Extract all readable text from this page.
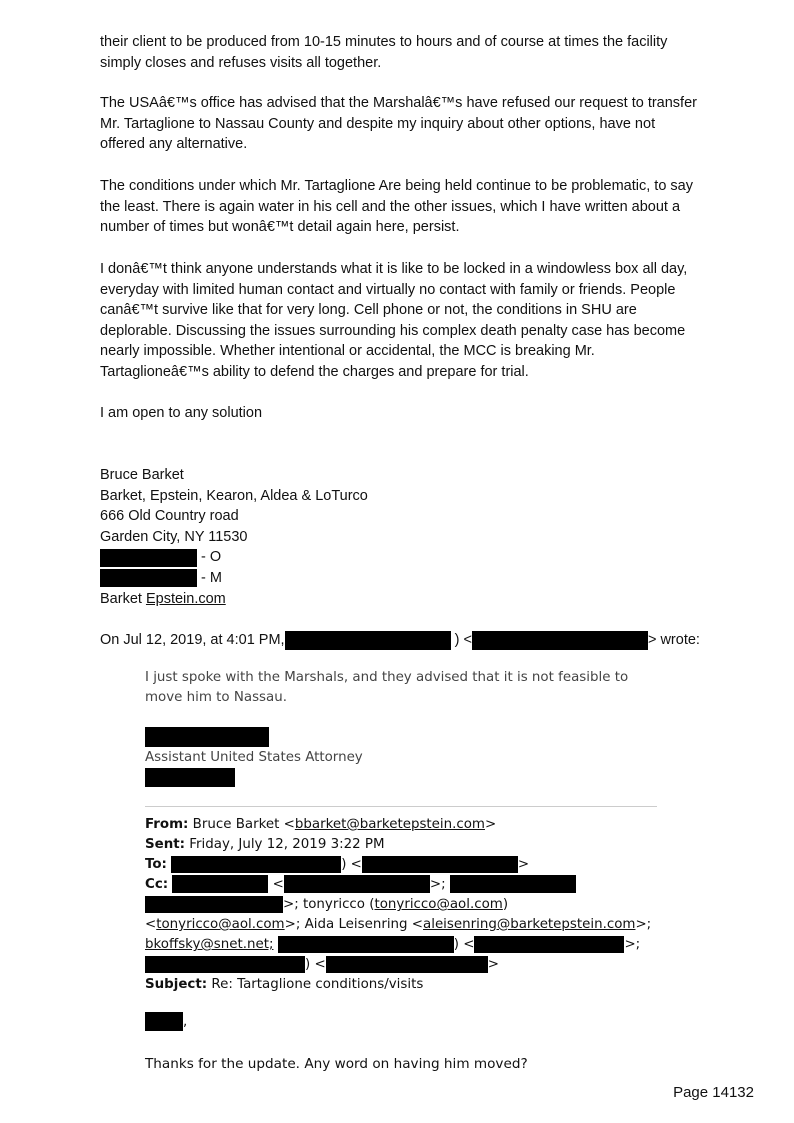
their client to be produced from 10-15 minutes to hours and of course at times the facility
simply closes and refuses visits all together.
The USAâ€™s office has advised that the Marshalâ€™s have refused our request to transfer
Mr. Tartaglione to Nassau County and despite my inquiry about other options, have not
offered any alternative.
The conditions under which Mr. Tartaglione Are being held continue to be problematic, to say
the least. There is again water in his cell and the other issues, which I have written about a
number of times but wonâ€™t detail again here, persist.
I donâ€™t think anyone understands what it is like to be locked in a windowless box all day,
everyday with limited human contact and virtually no contact with family or friends. People
canâ€™t survive like that for very long. Cell phone or not, the conditions in SHU are
deplorable. Discussing the issues surrounding his complex death penalty case has become
nearly impossible. Whether intentional or accidental, the MCC is breaking Mr.
Tartaglioneâ€™s ability to defend the charges and prepare for trial.
I am open to any solution
Bruce Barket
Barket, Epstein, Kearon, Aldea & LoTurco
666 Old Country road
Garden City, NY 11530
- O
- M
Barket Epstein.com
On Jul 12, 2019, at 4:01 PM,	) <	> wrote:
I just spoke with the Marshals, and they advised that it is not feasible to
move him to Nassau.
Assistant United States Attorney
From: Bruce Barket <bbarket@barketepstein.com>
Sent: Friday, July 12, 2019 3:22 PM
To:	) <	>
Cc:	<	>;
>; tonyricco (tonyricco@aol.com)
<tonyricco@aol.com>; Aida Leisenring <aleisenring@barketepstein.com>;
bkoffsky@snet.net;	) <	>;
) <	>
Subject: Re: Tartaglione conditions/visits
,
Thanks for the update. Any word on having him moved?
Page 14132
